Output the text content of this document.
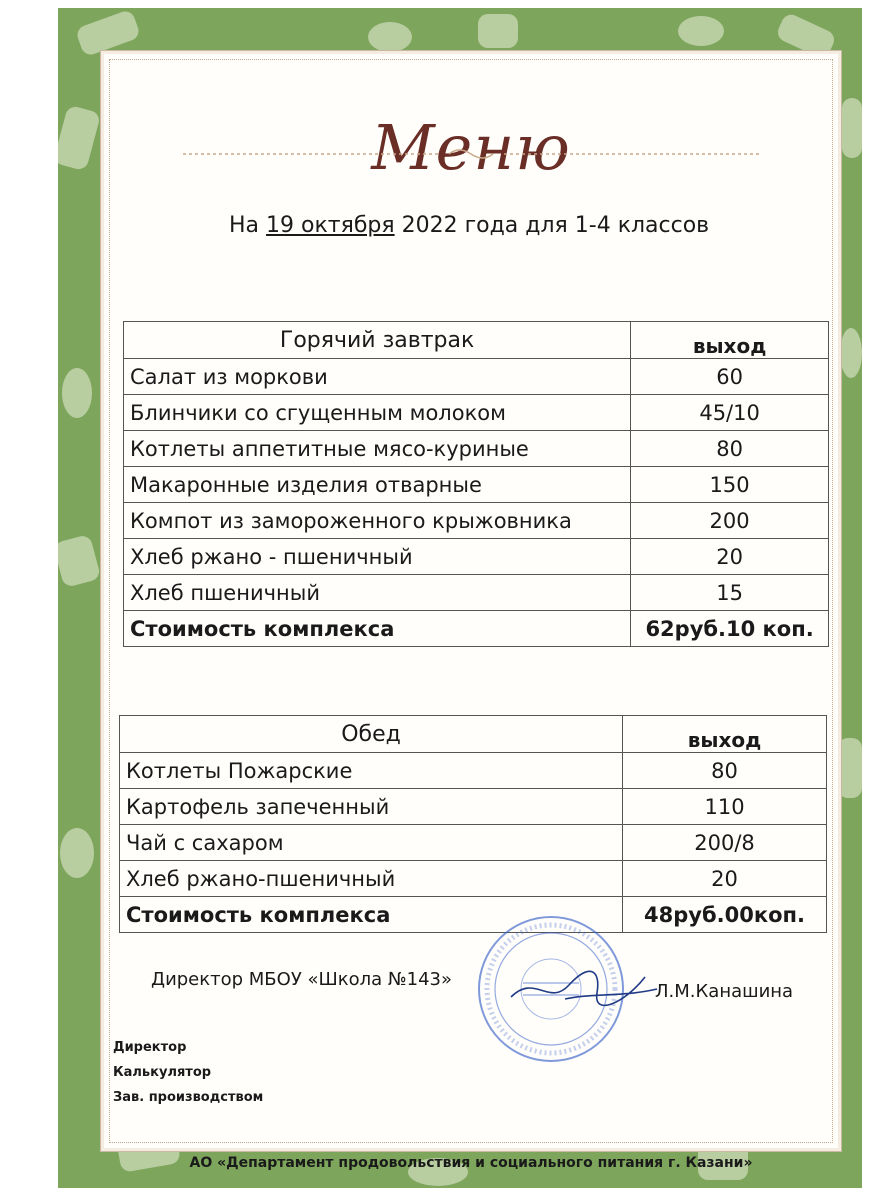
Меню
На 19 октября 2022 года для 1-4 классов
Горячий завтрак	выход
Салат из моркови	60
Блинчики со сгущенным молоком	45/10
Котлеты аппетитные мясо-куриные	80
Макаронные изделия отварные	150
Компот из замороженного крыжовника	200
Хлеб ржано - пшеничный	20
Хлеб пшеничный	15
Стоимость комплекса	62руб.10 коп.
Обед	выход
Котлеты Пожарские	80
Картофель запеченный	110
Чай с сахаром	200/8
Хлеб ржано-пшеничный	20
Стоимость комплекса	48руб.00коп.
Директор МБОУ «Школа №143»
Л.М.Канашина
Директор
Калькулятор
Зав. производством
АО «Департамент продовольствия и социального питания г. Казани»
